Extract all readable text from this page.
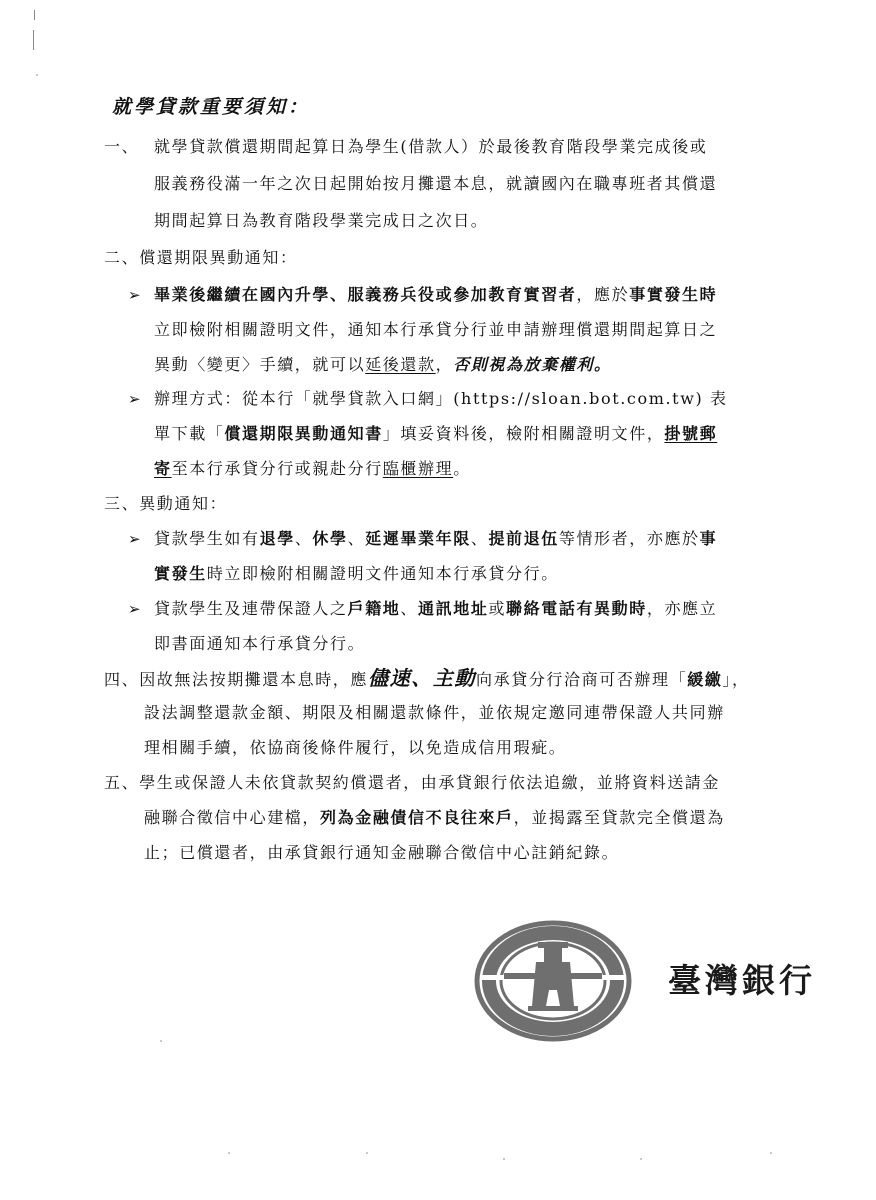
就學貸款重要須知：
一、 就學貸款償還期間起算日為學生(借款人）於最後教育階段學業完成後或
服義務役滿一年之次日起開始按月攤還本息，就讀國內在職專班者其償還
期間起算日為教育階段學業完成日之次日。
二、償還期限異動通知：
➢ 畢業後繼續在國內升學、服義務兵役或參加教育實習者，應於事實發生時
立即檢附相關證明文件，通知本行承貸分行並申請辦理償還期間起算日之
異動〈變更〉手續，就可以延後還款，否則視為放棄權利。
➢ 辦理方式：從本行「就學貸款入口網」(https://sloan.bot.com.tw) 表
單下載「償還期限異動通知書」填妥資料後，檢附相關證明文件，掛號郵
寄至本行承貸分行或親赴分行臨櫃辦理。
三、異動通知：
➢ 貸款學生如有退學、休學、延遲畢業年限、提前退伍等情形者，亦應於事
實發生時立即檢附相關證明文件通知本行承貸分行。
➢ 貸款學生及連帶保證人之戶籍地、通訊地址或聯絡電話有異動時，亦應立
即書面通知本行承貸分行。
四、因故無法按期攤還本息時，應儘速、主動向承貸分行洽商可否辦理「緩繳」，
設法調整還款金額、期限及相關還款條件，並依規定邀同連帶保證人共同辦
理相關手續，依協商後條件履行，以免造成信用瑕疵。
五、學生或保證人未依貸款契約償還者，由承貸銀行依法追繳，並將資料送請金
融聯合徵信中心建檔，列為金融債信不良往來戶，並揭露至貸款完全償還為
止；已償還者，由承貸銀行通知金融聯合徵信中心註銷紀錄。
臺灣銀行
